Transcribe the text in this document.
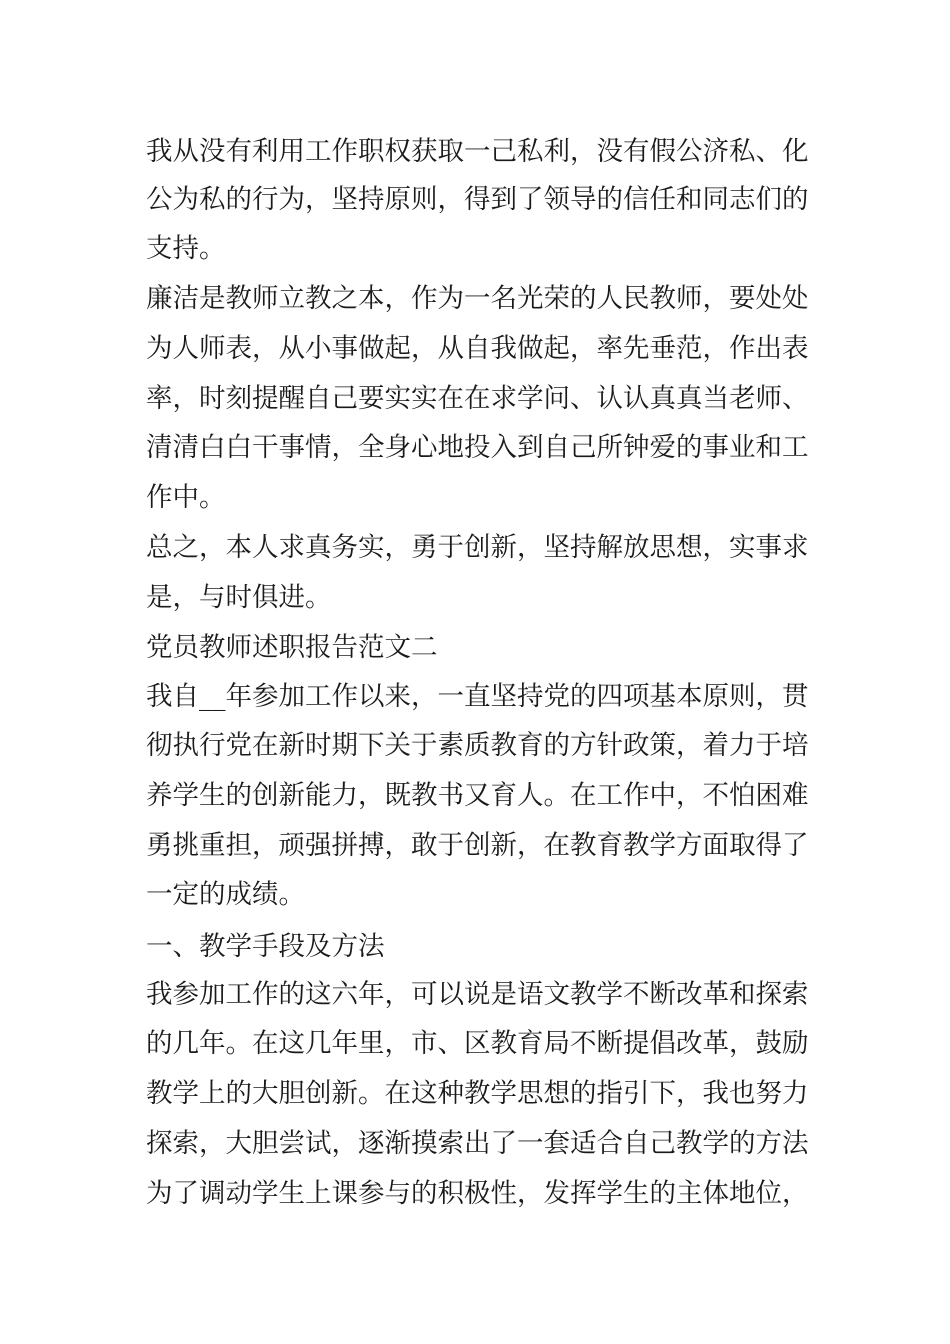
我从没有利用工作职权获取一己私利，没有假公济私、化
公为私的行为，坚持原则，得到了领导的信任和同志们的
支持。
廉洁是教师立教之本，作为一名光荣的人民教师，要处处
为人师表，从小事做起，从自我做起，率先垂范，作出表
率，时刻提醒自己要实实在在求学问、认认真真当老师、
清清白白干事情，全身心地投入到自己所钟爱的事业和工
作中。
总之，本人求真务实，勇于创新，坚持解放思想，实事求
是，与时俱进。
党员教师述职报告范文二
我自__年参加工作以来，一直坚持党的四项基本原则，贯
彻执行党在新时期下关于素质教育的方针政策，着力于培
养学生的创新能力，既教书又育人。在工作中，不怕困难
勇挑重担，顽强拼搏，敢于创新，在教育教学方面取得了
一定的成绩。
一、教学手段及方法
我参加工作的这六年，可以说是语文教学不断改革和探索
的几年。在这几年里，市、区教育局不断提倡改革，鼓励
教学上的大胆创新。在这种教学思想的指引下，我也努力
探索，大胆尝试，逐渐摸索出了一套适合自己教学的方法
为了调动学生上课参与的积极性，发挥学生的主体地位，
